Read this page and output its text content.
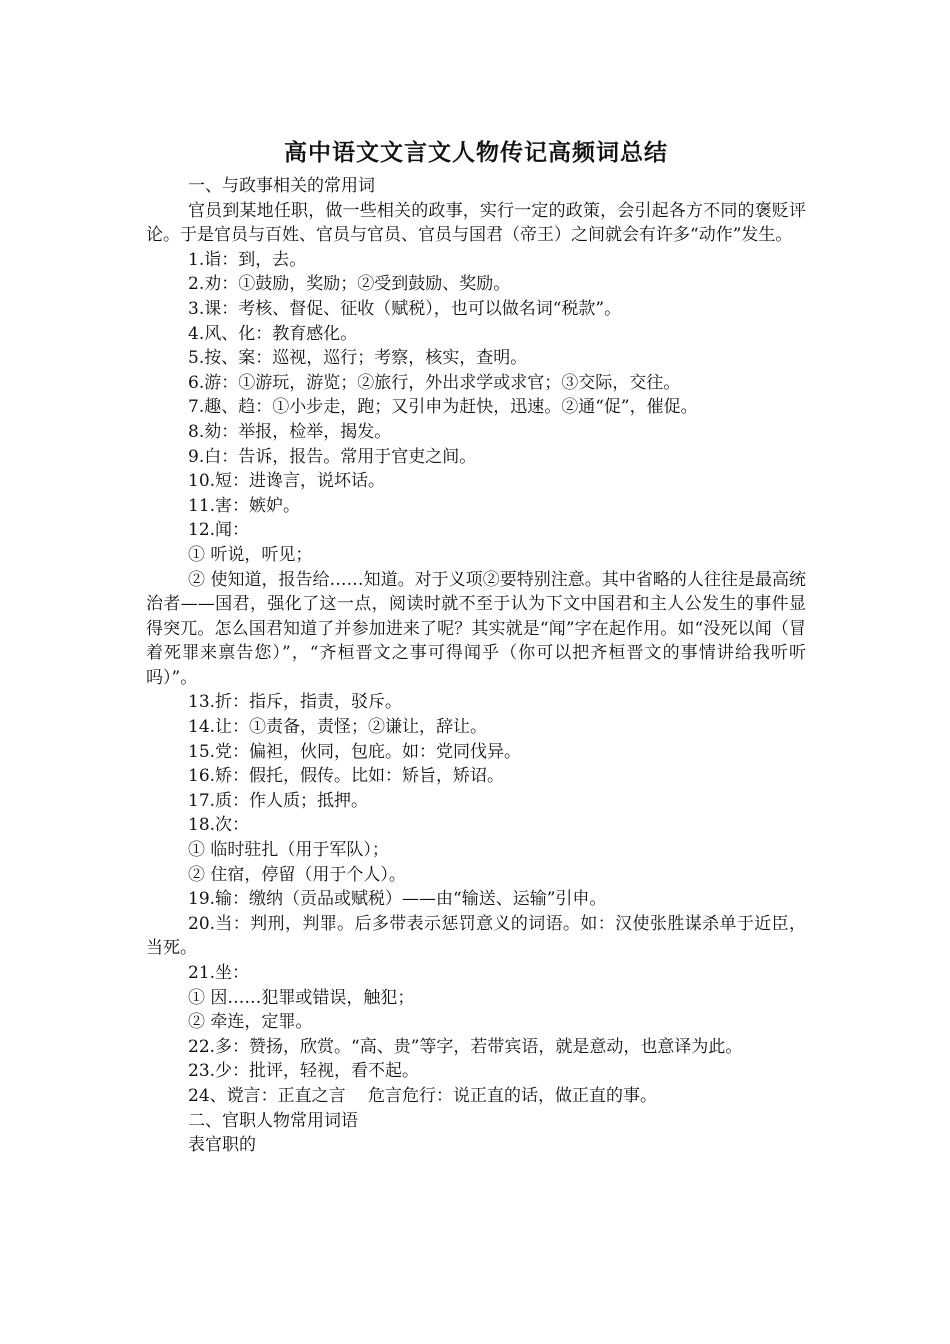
高中语文文言文人物传记高频词总结

一、与政事相关的常用词

官员到某地任职，做一些相关的政事，实行一定的政策，会引起各方不同的褒贬评论。于是官员与百姓、官员与官员、官员与国君（帝王）之间就会有许多“动作”发生。

1.诣：到，去。

2.劝：①鼓励，奖励；②受到鼓励、奖励。

3.课：考核、督促、征收（赋税），也可以做名词“税款”。

4.风、化：教育感化。

5.按、案：巡视，巡行；考察，核实，查明。

6.游：①游玩，游览；②旅行，外出求学或求官；③交际，交往。

7.趣、趋：①小步走，跑；又引申为赶快，迅速。②通“促”，催促。

8.劾：举报，检举，揭发。

9.白：告诉，报告。常用于官吏之间。

10.短：进谗言，说坏话。

11.害：嫉妒。

12.闻：

① 听说，听见；

② 使知道，报告给……知道。对于义项②要特别注意。其中省略的人往往是最高统治者——国君，强化了这一点，阅读时就不至于认为下文中国君和主人公发生的事件显得突兀。怎么国君知道了并参加进来了呢？其实就是“闻”字在起作用。如“没死以闻（冒着死罪来禀告您）”，“齐桓晋文之事可得闻乎（你可以把齐桓晋文的事情讲给我听听吗）”。

13.折：指斥，指责，驳斥。

14.让：①责备，责怪；②谦让，辞让。

15.党：偏袒，伙同，包庇。如：党同伐异。

16.矫：假托，假传。比如：矫旨，矫诏。

17.质：作人质；抵押。

18.次：

① 临时驻扎（用于军队）；

② 住宿，停留（用于个人）。

19.输：缴纳（贡品或赋税）——由“输送、运输”引申。

20.当：判刑，判罪。后多带表示惩罚意义的词语。如：汉使张胜谋杀单于近臣，当死。

21.坐：

① 因……犯罪或错误，触犯；

② 牵连，定罪。

22.多：赞扬，欣赏。“高、贵”等字，若带宾语，就是意动，也意译为此。

23.少：批评，轻视，看不起。

24、谠言：正直之言　 危言危行：说正直的话，做正直的事。

二、官职人物常用词语

表官职的
